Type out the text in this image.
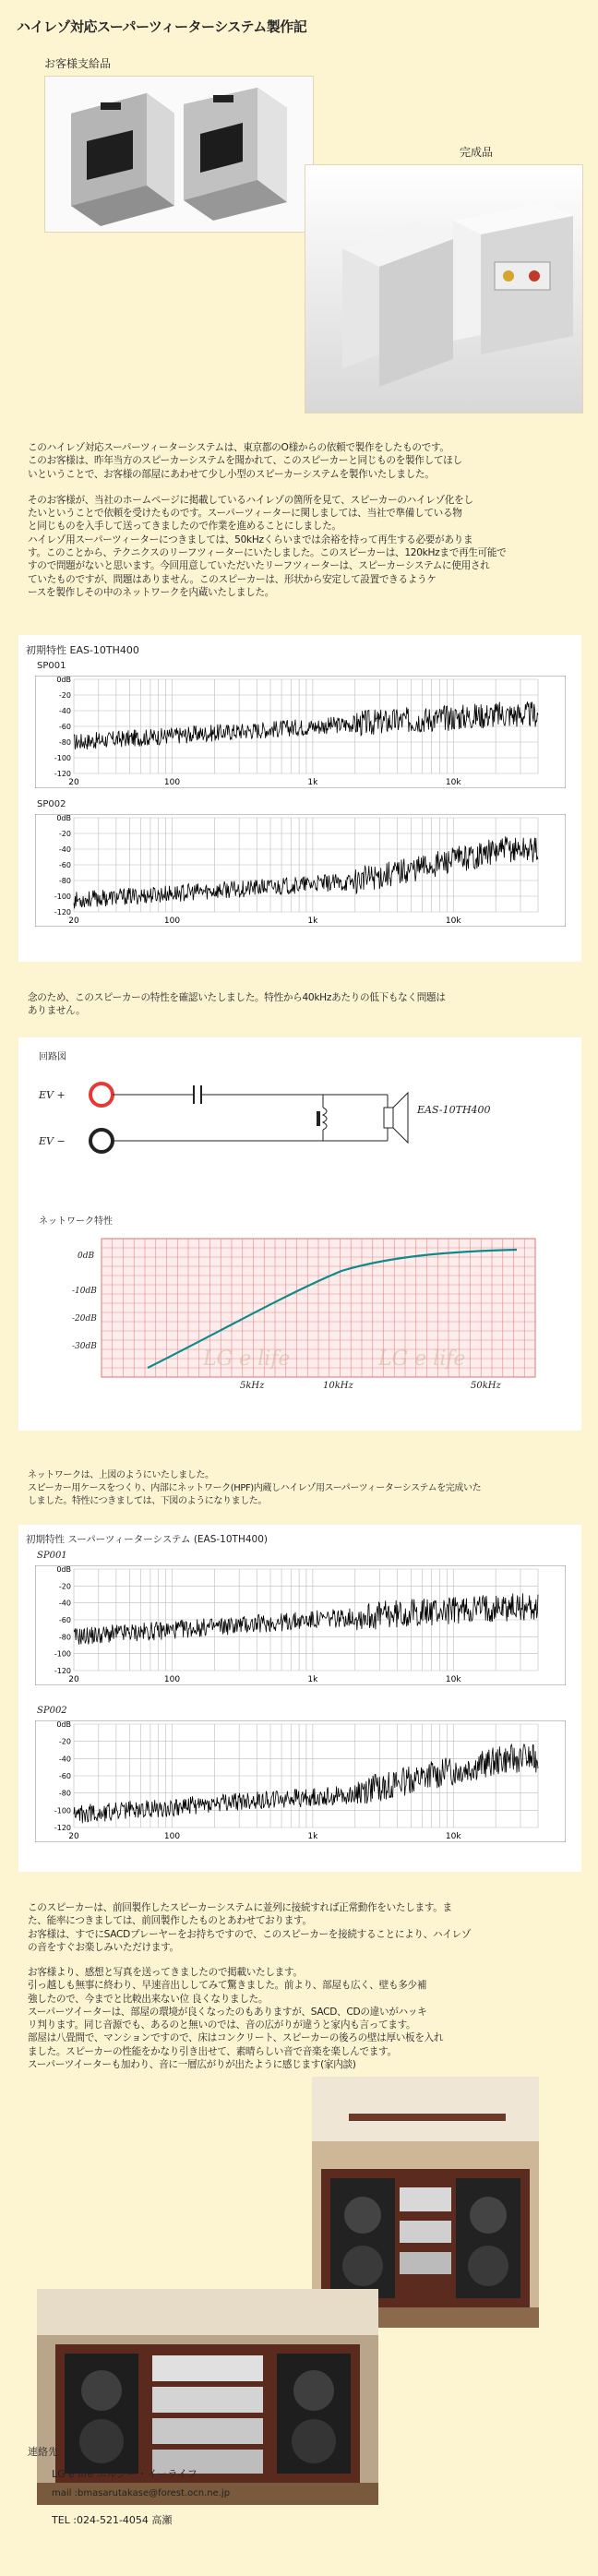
ハイレゾ対応スーパーツィーターシステム製作記
お客様支給品
完成品
このハイレゾ対応スーパーツィーターシステムは、東京都のO様からの依頼で製作をしたものです。
このお客様は、昨年当方のスピーカーシステムを聞かれて、このスピーカーと同じものを製作してほし
いということで、お客様の部屋にあわせて少し小型のスピーカーシステムを製作いたしました。
そのお客様が、当社のホームページに掲載しているハイレゾの箇所を見て、スピーカーのハイレゾ化をし
たいということで依頼を受けたものです。スーパーツィーターに関しましては、当社で準備している物
と同じものを入手して送ってきましたので作業を進めることにしました。
ハイレゾ用スーパーツィーターにつきましては、50kHzくらいまでは余裕を持って再生する必要がありま
す。このことから、テクニクスのリーフツィーターにいたしました。このスピーカーは、120kHzまで再生可能で
すので問題がないと思います。今回用意していただいたリーフツィーターは、スピーカーシステムに使用され
ていたものですが、問題はありません。このスピーカーは、形状から安定して設置できるようケ
ースを製作しその中のネットワークを内蔵いたしました。
初期特性 EAS-10TH400
SP001
0dB
-20
-40
-60
-80
-100
-120
20	100	1k	10k
SP002
0dB
-20
-40
-60
-80
-100
-120
20	100	1k	10k
念のため、このスピーカーの特性を確認いたしました。特性から40kHzあたりの低下もなく問題は
ありません。
回路図
EV +
EV −
EAS-10TH400
ネットワーク特性
0dB
-10dB
-20dB
-30dB
5kHz	10kHz	50kHz
LG e life	LG e life
ネットワークは、上図のようにいたしました。
スピーカー用ケースをつくり、内部にネットワーク(HPF)内蔵しハイレゾ用スーパーツィーターシステムを完成いた
しました。特性につきましては、下図のようになりました。
初期特性 スーパーツィーターシステム (EAS-10TH400)
SP001
0dB
-20
-40
-60
-80
-100
-120
20	100	1k	10k
SP002
0dB
-20
-40
-60
-80
-100
-120
20	100	1k	10k
このスピーカーは、前回製作したスピーカーシステムに並列に接続すれば正常動作をいたします。ま
た、能率につきましては、前回製作したものとあわせております。
お客様は、すでにSACDプレーヤーをお持ちですので、このスピーカーを接続することにより、ハイレゾ
の音をすぐお楽しみいただけます。
お客様より、感想と写真を送ってきましたので掲載いたします。
引っ越しも無事に終わり、早速音出ししてみて驚きました。前より、部屋も広く、壁も多少補
強したので、今までと比較出来ない位 良くなりました。
スーパーツイーターは、部屋の環境が良くなったのもありますが、SACD、CDの違いがハッキ
リ判ります。同じ音源でも、あるのと無いのでは、音の広がりが違うと家内も言ってます。
部屋は八畳間で、マンションですので、床はコンクリート、スピーカーの後ろの壁は厚い板を入れ
ました。スピーカーの性能をかなり引き出せて、素晴らしい音で音楽を楽しんでます。
スーパーツイーターも加わり、音に一層広がりが出たように感じます(家内談)
連絡先
LG e life エルジー・イーライフ
mail :bmasarutakase@forest.ocn.ne.jp
TEL :024-521-4054 高瀬
